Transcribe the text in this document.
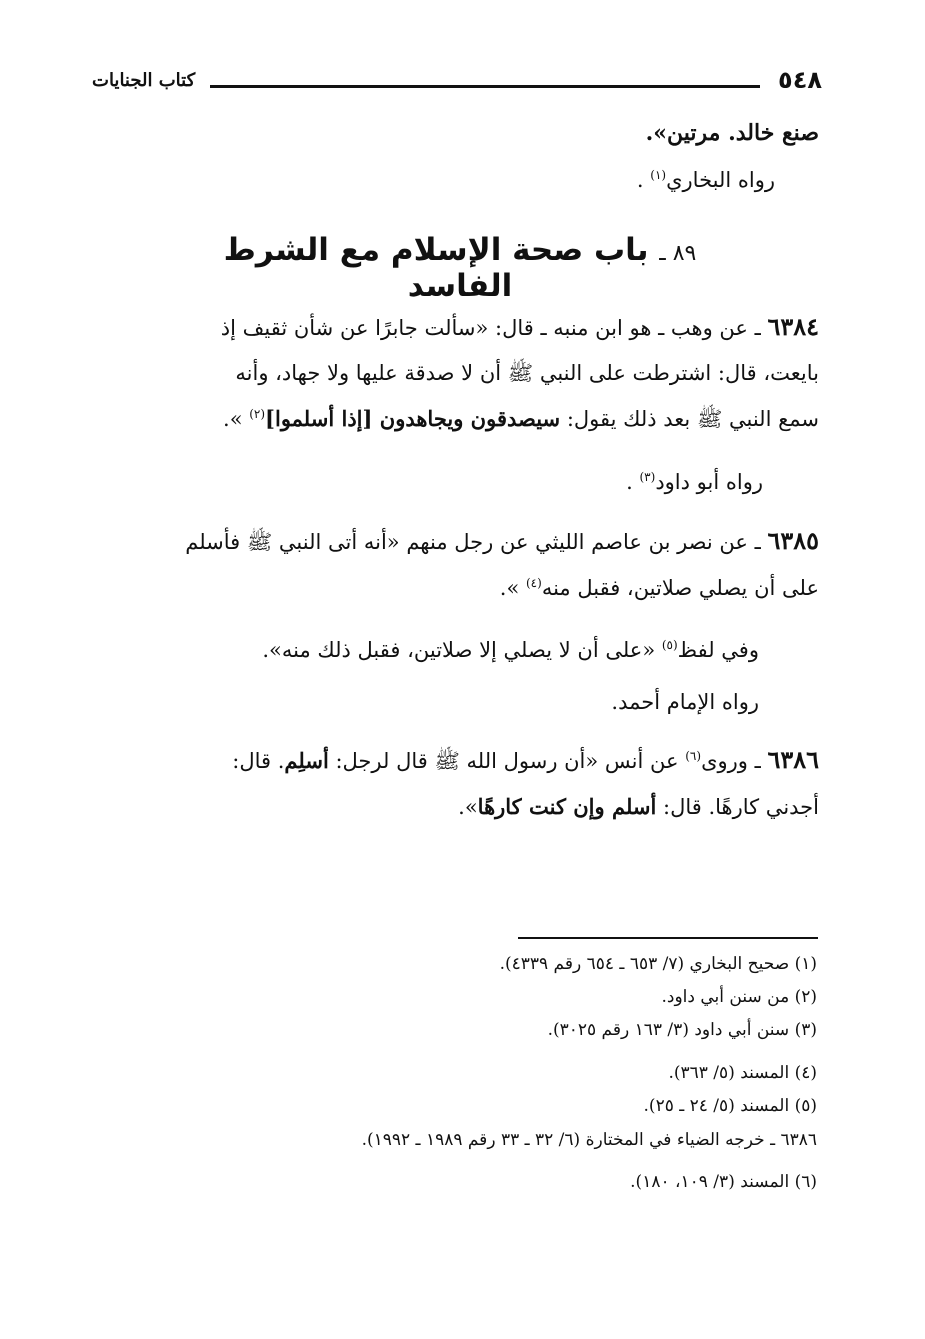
٥٤٨
كتاب الجنايات
صنع خالد. مرتين».
رواه البخاري$^{(١)}$ .
٨٩ ـ باب صحة الإسلام مع الشرط الفاسد
٦٣٨٤ ـ عن وهب ـ هو ابن منبه ـ قال: «سألت جابرًا عن شأن ثقيف إذ
بايعت، قال: اشترطت على النبي ﷺ أن لا صدقة عليها ولا جهاد، وأنه
سمع النبي ﷺ بعد ذلك يقول: سيصدقون ويجاهدون [إذا أسلموا]$^{(٢)}$ ».
رواه أبو داود$^{(٣)}$ .
٦٣٨٥ ـ عن نصر بن عاصم الليثي عن رجل منهم «أنه أتى النبي ﷺ فأسلم
على أن يصلي صلاتين، فقبل منه$^{(٤)}$ ».
وفي لفظ$^{(٥)}$ «على أن لا يصلي إلا صلاتين، فقبل ذلك منه».
رواه الإمام أحمد.
٦٣٨٦ ـ وروى$^{(٦)}$ عن أنس «أن رسول الله ﷺ قال لرجل: أسلِم. قال:
أجدني كارهًا. قال: أسلم وإن كنت كارهًا».
(١) صحيح البخاري (٧/ ٦٥٣ ـ ٦٥٤ رقم ٤٣٣٩).
(٢) من سنن أبي داود.
(٣) سنن أبي داود (٣/ ١٦٣ رقم ٣٠٢٥).
(٤) المسند (٥/ ٣٦٣).
(٥) المسند (٥/ ٢٤ ـ ٢٥).
٦٣٨٦ ـ خرجه الضياء في المختارة (٦/ ٣٢ ـ ٣٣ رقم ١٩٨٩ ـ ١٩٩٢).
(٦) المسند (٣/ ١٠٩، ١٨٠).
